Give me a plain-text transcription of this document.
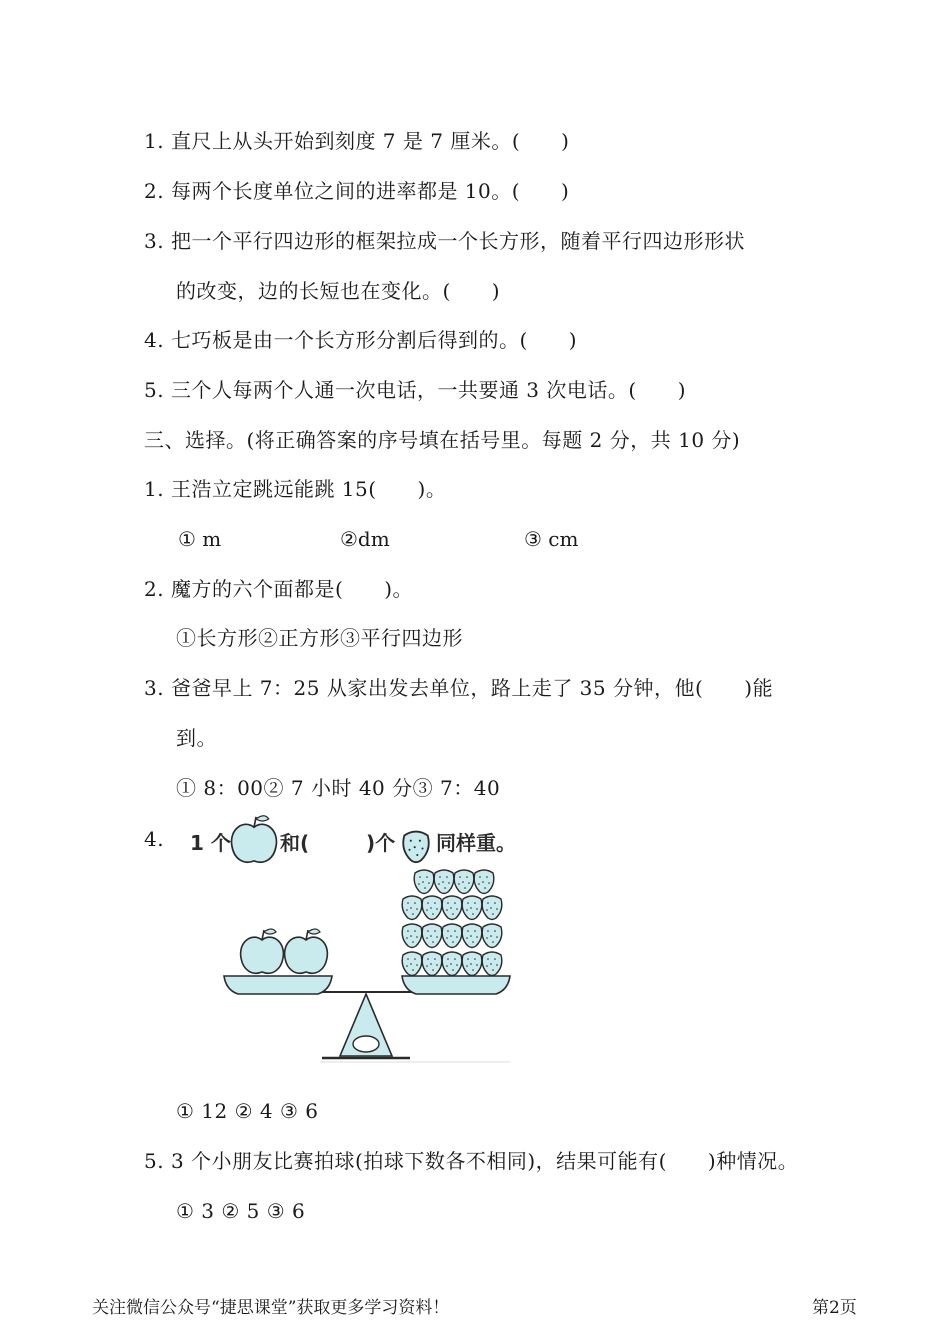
1. 直尺上从头开始到刻度 7 是 7 厘米。(　　)
2. 每两个长度单位之间的进率都是 10。(　　)
3. 把一个平行四边形的框架拉成一个长方形，随着平行四边形形状
的改变，边的长短也在变化。(　　)
4. 七巧板是由一个长方形分割后得到的。(　　)
5. 三个人每两个人通一次电话，一共要通 3 次电话。(　　)
三、选择。(将正确答案的序号填在括号里。每题 2 分，共 10 分)
1. 王浩立定跳远能跳 15(　　)。
① m	②dm	③ cm
2. 魔方的六个面都是(　　)。
①长方形②正方形③平行四边形
3. 爸爸早上 7：25 从家出发去单位，路上走了 35 分钟，他(　　)能
到。
① 8：00② 7 小时 40 分③ 7：40
4. 1 个 和(	)个 同样重。
① 12 ② 4 ③ 6
5. 3 个小朋友比赛拍球(拍球下数各不相同)，结果可能有(　　)种情况。
① 3 ② 5 ③ 6
关注微信公众号“捷思课堂”获取更多学习资料！	第2页
